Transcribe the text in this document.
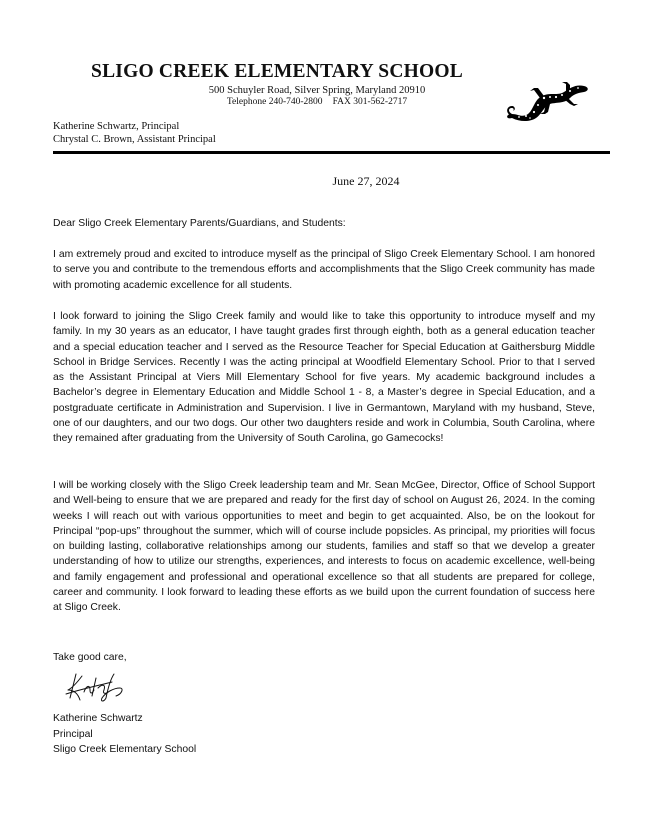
SLIGO CREEK ELEMENTARY SCHOOL
500 Schuyler Road, Silver Spring, Maryland 20910
Telephone 240-740-2800 FAX 301-562-2717
Katherine Schwartz, Principal
Chrystal C. Brown, Assistant Principal
June 27, 2024
Dear Sligo Creek Elementary Parents/Guardians, and Students:
I am extremely proud and excited to introduce myself as the principal of Sligo Creek Elementary School. I am honored to serve you and contribute to the tremendous efforts and accomplishments that the Sligo Creek community has made with promoting academic excellence for all students.
I look forward to joining the Sligo Creek family and would like to take this opportunity to introduce myself and my family. In my 30 years as an educator, I have taught grades first through eighth, both as a general education teacher and a special education teacher and I served as the Resource Teacher for Special Education at Gaithersburg Middle School in Bridge Services. Recently I was the acting principal at Woodfield Elementary School. Prior to that I served as the Assistant Principal at Viers Mill Elementary School for five years. My academic background includes a Bachelor’s degree in Elementary Education and Middle School 1 - 8, a Master’s degree in Special Education, and a postgraduate certificate in Administration and Supervision. I live in Germantown, Maryland with my husband, Steve, one of our daughters, and our two dogs. Our other two daughters reside and work in Columbia, South Carolina, where they remained after graduating from the University of South Carolina, go Gamecocks!
I will be working closely with the Sligo Creek leadership team and Mr. Sean McGee, Director, Office of School Support and Well-being to ensure that we are prepared and ready for the first day of school on August 26, 2024. In the coming weeks I will reach out with various opportunities to meet and begin to get acquainted. Also, be on the lookout for Principal “pop-ups” throughout the summer, which will of course include popsicles. As principal, my priorities will focus on building lasting, collaborative relationships among our students, families and staff so that we develop a greater understanding of how to utilize our strengths, experiences, and interests to focus on academic excellence, well-being and family engagement and professional and operational excellence so that all students are prepared for college, career and community. I look forward to leading these efforts as we build upon the current foundation of success here at Sligo Creek.
Take good care,
Katherine Schwartz
Principal
Sligo Creek Elementary School
